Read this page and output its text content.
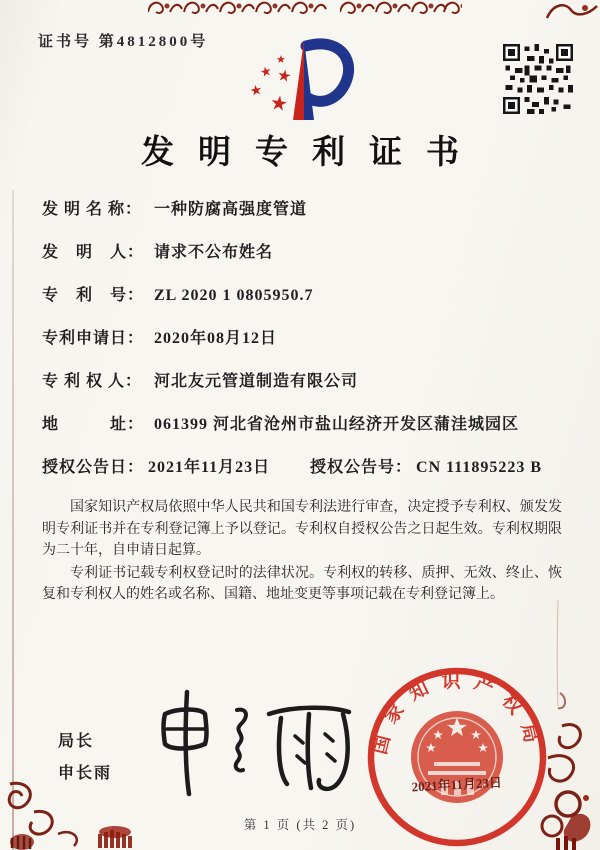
证书号 第4812800号
★
★ ★
★
★
发明专利证书
发 明 名 称： 一种防腐高强度管道
发　明　人： 请求不公布姓名
专　利　号： ZL 2020 1 0805950.7
专利申请日： 2020年08月12日
专 利 权 人： 河北友元管道制造有限公司
地　　　址： 061399 河北省沧州市盐山经济开发区蒲洼城园区
授权公告日： 2021年11月23日	授权公告号： CN 111895223 B

国家知识产权局依照中华人民共和国专利法进行审查，决定授予专利权、颁发发明专利证书并在专利登记簿上予以登记。专利权自授权公告之日起生效。专利权期限为二十年，自申请日起算。

专利证书记载专利权登记时的法律状况。专利权的转移、质押、无效、终止、恢复和专利权人的姓名或名称、国籍、地址变更等事项记载在专利登记簿上。

局长
申长雨
国家知识产权局
2021年11月23日
第 1 页 (共 2 页)
